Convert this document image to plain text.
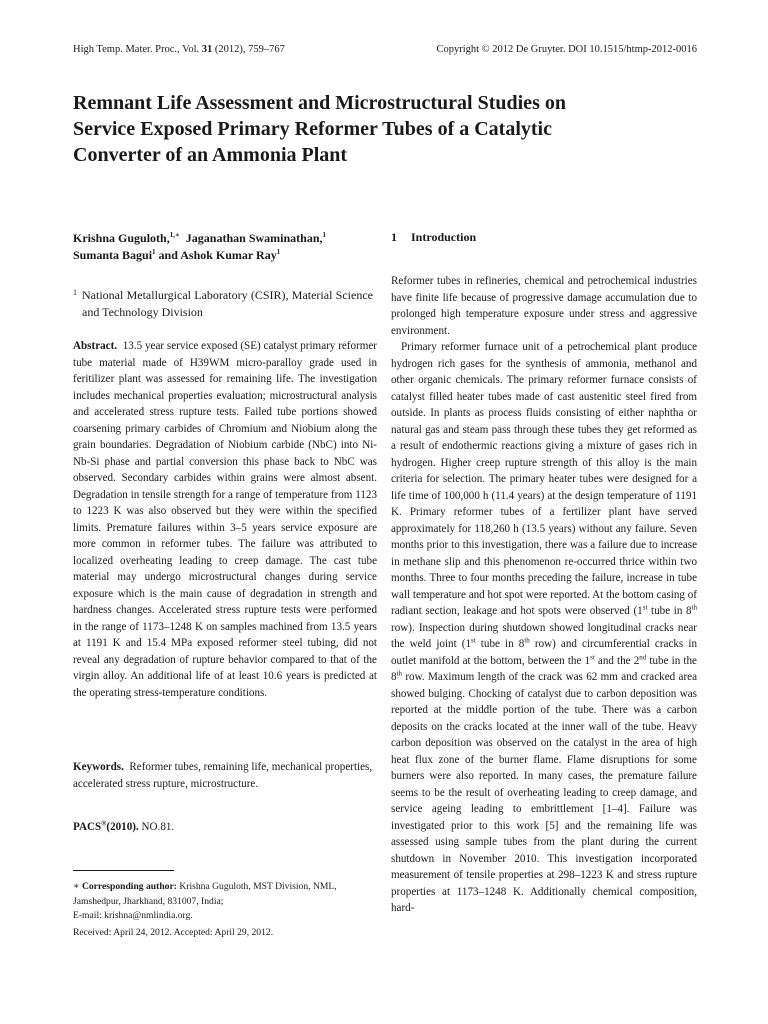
High Temp. Mater. Proc., Vol. 31 (2012), 759–767	Copyright © 2012 De Gruyter. DOI 10.1515/htmp-2012-0016
Remnant Life Assessment and Microstructural Studies on
Service Exposed Primary Reformer Tubes of a Catalytic
Converter of an Ammonia Plant
Krishna Guguloth,$^{1,∗}$ Jaganathan Swaminathan,$^1$
Sumanta Bagui$^1$ and Ashok Kumar Ray$^1$
1 National Metallurgical Laboratory (CSIR), Material Science and Technology Division
Abstract. 13.5 year service exposed (SE) catalyst primary reformer tube material made of H39WM micro-paralloy grade used in feritilizer plant was assessed for remaining life. The investigation includes mechanical properties evaluation; microstructural analysis and accelerated stress rupture tests. Failed tube portions showed coarsening primary carbides of Chromium and Niobium along the grain boundaries. Degradation of Niobium carbide (NbC) into Ni-Nb-Si phase and partial conversion this phase back to NbC was observed. Secondary carbides within grains were almost absent. Degradation in tensile strength for a range of temperature from 1123 to 1223 K was also observed but they were within the specified limits. Premature failures within 3–5 years service exposure are more common in reformer tubes. The failure was attributed to localized overheating leading to creep damage. The cast tube material may undergo microstructural changes during service exposure which is the main cause of degradation in strength and hardness changes. Accelerated stress rupture tests were performed in the range of 1173–1248 K on samples machined from 13.5 years at 1191 K and 15.4 MPa exposed reformer steel tubing, did not reveal any degradation of rupture behavior compared to that of the virgin alloy. An additional life of at least 10.6 years is predicted at the operating stress-temperature conditions.
Keywords. Reformer tubes, remaining life, mechanical properties, accelerated stress rupture, microstructure.
PACS®(2010). NO.81.
∗ Corresponding author: Krishna Guguloth, MST Division, NML,
Jamshedpur, Jharkhand, 831007, India;
E-mail: krishna@nmlindia.org.
Received: April 24, 2012. Accepted: April 29, 2012.
1 Introduction

Reformer tubes in refineries, chemical and petrochemical industries have finite life because of progressive damage accumulation due to prolonged high temperature exposure under stress and aggressive environment.

Primary reformer furnace unit of a petrochemical plant produce hydrogen rich gases for the synthesis of ammonia, methanol and other organic chemicals. The primary reformer furnace consists of catalyst filled heater tubes made of cast austenitic steel fired from outside. In plants as process fluids consisting of either naphtha or natural gas and steam pass through these tubes they get reformed as a result of endothermic reactions giving a mixture of gases rich in hydrogen. Higher creep rupture strength of this alloy is the main criteria for selection. The primary heater tubes were designed for a life time of 100,000 h (11.4 years) at the design temperature of 1191 K. Primary reformer tubes of a fertilizer plant have served approximately for 118,260 h (13.5 years) without any failure. Seven months prior to this investigation, there was a failure due to increase in methane slip and this phenomenon re-occurred thrice within two months. Three to four months preceding the failure, increase in tube wall temperature and hot spot were reported. At the bottom casing of radiant section, leakage and hot spots were observed (1st tube in 8th row). Inspection during shutdown showed longitudinal cracks near the weld joint (1st tube in 8th row) and circumferential cracks in outlet manifold at the bottom, between the 1st and the 2nd tube in the 8th row. Maximum length of the crack was 62 mm and cracked area showed bulging. Chocking of catalyst due to carbon deposition was reported at the middle portion of the tube. There was a carbon deposits on the cracks located at the inner wall of the tube. Heavy carbon deposition was observed on the catalyst in the area of high heat flux zone of the burner flame. Flame disruptions for some burners were also reported. In many cases, the premature failure seems to be the result of overheating leading to creep damage, and service ageing leading to embrittlement [1–4]. Failure was investigated prior to this work [5] and the remaining life was assessed using sample tubes from the plant during the current shutdown in November 2010. This investigation incorporated measurement of tensile properties at 298–1223 K and stress rupture properties at 1173–1248 K. Additionally chemical composition, hard-
